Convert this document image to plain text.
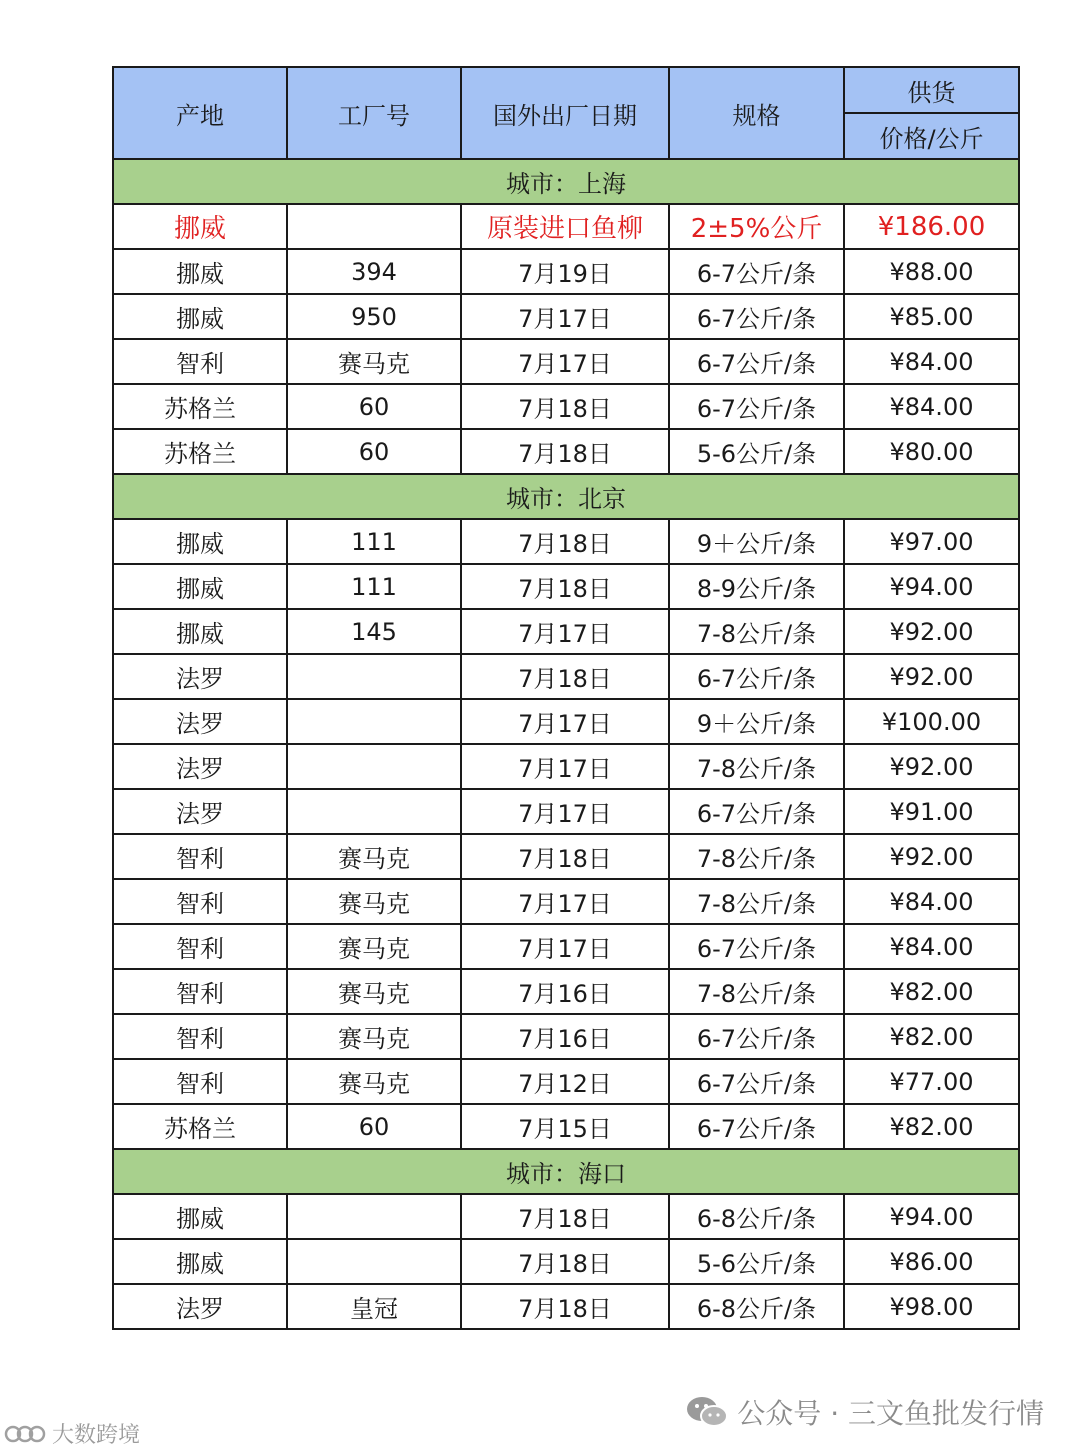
产地	工厂号	国外出厂日期	规格	供货
				价格/公斤
城市：上海				
挪威		原装进口鱼柳	2±5%公斤	¥186.00
挪威	394	7月19日	6-7公斤/条	¥88.00
挪威	950	7月17日	6-7公斤/条	¥85.00
智利	赛马克	7月17日	6-7公斤/条	¥84.00
苏格兰	60	7月18日	6-7公斤/条	¥84.00
苏格兰	60	7月18日	5-6公斤/条	¥80.00
城市：北京				
挪威	111	7月18日	9＋公斤/条	¥97.00
挪威	111	7月18日	8-9公斤/条	¥94.00
挪威	145	7月17日	7-8公斤/条	¥92.00
法罗		7月18日	6-7公斤/条	¥92.00
法罗		7月17日	9＋公斤/条	¥100.00
法罗		7月17日	7-8公斤/条	¥92.00
法罗		7月17日	6-7公斤/条	¥91.00
智利	赛马克	7月18日	7-8公斤/条	¥92.00
智利	赛马克	7月17日	7-8公斤/条	¥84.00
智利	赛马克	7月17日	6-7公斤/条	¥84.00
智利	赛马克	7月16日	7-8公斤/条	¥82.00
智利	赛马克	7月16日	6-7公斤/条	¥82.00
智利	赛马克	7月12日	6-7公斤/条	¥77.00
苏格兰	60	7月15日	6-7公斤/条	¥82.00
城市：海口				
挪威		7月18日	6-8公斤/条	¥94.00
挪威		7月18日	5-6公斤/条	¥86.00
法罗	皇冠	7月18日	6-8公斤/条	¥98.00
公众号 · 三文鱼批发行情
大数跨境
